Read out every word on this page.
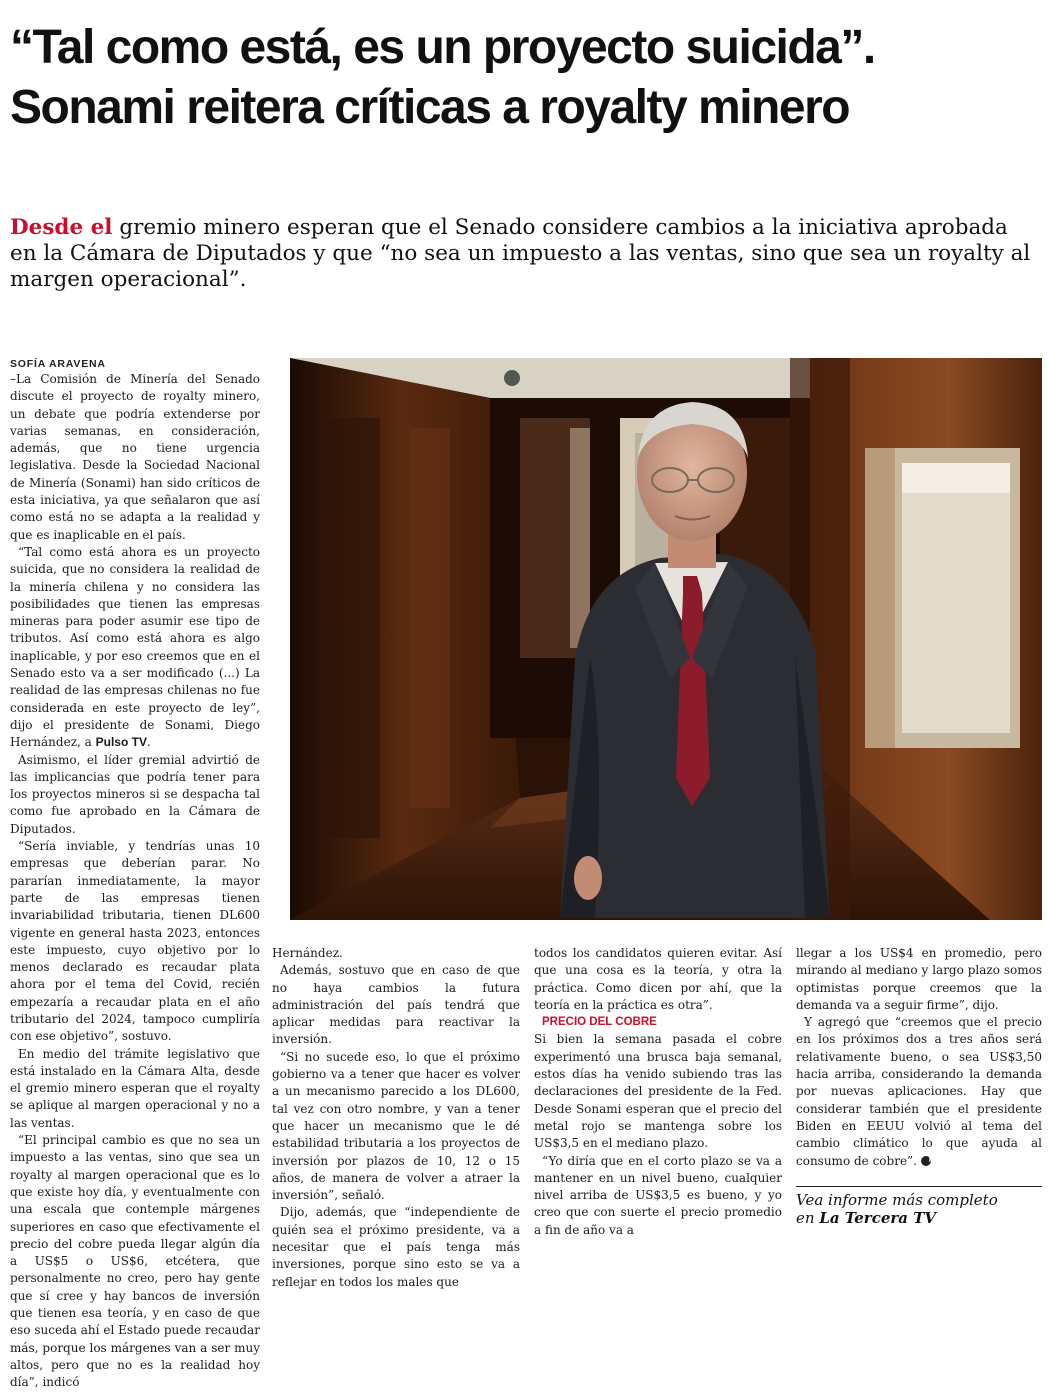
“Tal como está, es un proyecto suicida”. Sonami reitera críticas a royalty minero

Desde el gremio minero esperan que el Senado considere cambios a la iniciativa aprobada en la Cámara de Diputados y que “no sea un impuesto a las ventas, sino que sea un royalty al margen operacional”.

SOFÍA ARAVENA

–La Comisión de Minería del Senado discute el proyecto de royalty minero, un debate que podría extenderse por varias semanas, en consideración, además, que no tiene urgencia legislativa. Desde la Sociedad Nacional de Minería (Sonami) han sido críticos de esta iniciativa, ya que señalaron que así como está no se adapta a la realidad y que es inaplicable en el país.

“Tal como está ahora es un proyecto suicida, que no considera la realidad de la minería chilena y no considera las posibilidades que tienen las empresas mineras para poder asumir ese tipo de tributos. Así como está ahora es algo inaplicable, y por eso creemos que en el Senado esto va a ser modificado (...) La realidad de las empresas chilenas no fue considerada en este proyecto de ley”, dijo el presidente de Sonami, Diego Hernández, a Pulso TV.

Asimismo, el líder gremial advirtió de las implicancias que podría tener para los proyectos mineros si se despacha tal como fue aprobado en la Cámara de Diputados.

“Sería inviable, y tendrías unas 10 empresas que deberían parar. No pararían inmediatamente, la mayor parte de las empresas tienen invariabilidad tributaria, tienen DL600 vigente en general hasta 2023, entonces este impuesto, cuyo objetivo por lo menos declarado es recaudar plata ahora por el tema del Covid, recién empezaría a recaudar plata en el año tributario del 2024, tampoco cumpliría con ese objetivo”, sostuvo.

En medio del trámite legislativo que está instalado en la Cámara Alta, desde el gremio minero esperan que el royalty se aplique al margen operacional y no a las ventas.

“El principal cambio es que no sea un impuesto a las ventas, sino que sea un royalty al margen operacional que es lo que existe hoy día, y eventualmente con una escala que contemple márgenes superiores en caso que efectivamente el precio del cobre pueda llegar algún día a US$5 o US$6, etcétera, que personalmente no creo, pero hay gente que sí cree y hay bancos de inversión que tienen esa teoría, y en caso de que eso suceda ahí el Estado puede recaudar más, porque los márgenes van a ser muy altos, pero que no es la realidad hoy día”, indicó

Hernández.

Además, sostuvo que en caso de que no haya cambios la futura administración del país tendrá que aplicar medidas para reactivar la inversión.

“Si no sucede eso, lo que el próximo gobierno va a tener que hacer es volver a un mecanismo parecido a los DL600, tal vez con otro nombre, y van a tener que hacer un mecanismo que le dé estabilidad tributaria a los proyectos de inversión por plazos de 10, 12 o 15 años, de manera de volver a atraer la inversión”, señaló.

Dijo, además, que “independiente de quién sea el próximo presidente, va a necesitar que el país tenga más inversiones, porque sino esto se va a reflejar en todos los males que

todos los candidatos quieren evitar. Así que una cosa es la teoría, y otra la práctica. Como dicen por ahí, que la teoría en la práctica es otra”.

PRECIO DEL COBRE

Si bien la semana pasada el cobre experimentó una brusca baja semanal, estos días ha venido subiendo tras las declaraciones del presidente de la Fed. Desde Sonami esperan que el precio del metal rojo se mantenga sobre los US$3,5 en el mediano plazo.

“Yo diría que en el corto plazo se va a mantener en un nivel bueno, cualquier nivel arriba de US$3,5 es bueno, y yo creo que con suerte el precio promedio a fin de año va a

llegar a los US$4 en promedio, pero mirando al mediano y largo plazo somos optimistas porque creemos que la demanda va a seguir firme”, dijo.

Y agregó que “creemos que el precio en los próximos dos a tres años será relativamente bueno, o sea US$3,50 hacia arriba, considerando la demanda por nuevas aplicaciones. Hay que considerar también que el presidente Biden en EEUU volvió al tema del cambio climático lo que ayuda al consumo de cobre”. P

Vea informe más completo
en La Tercera TV
